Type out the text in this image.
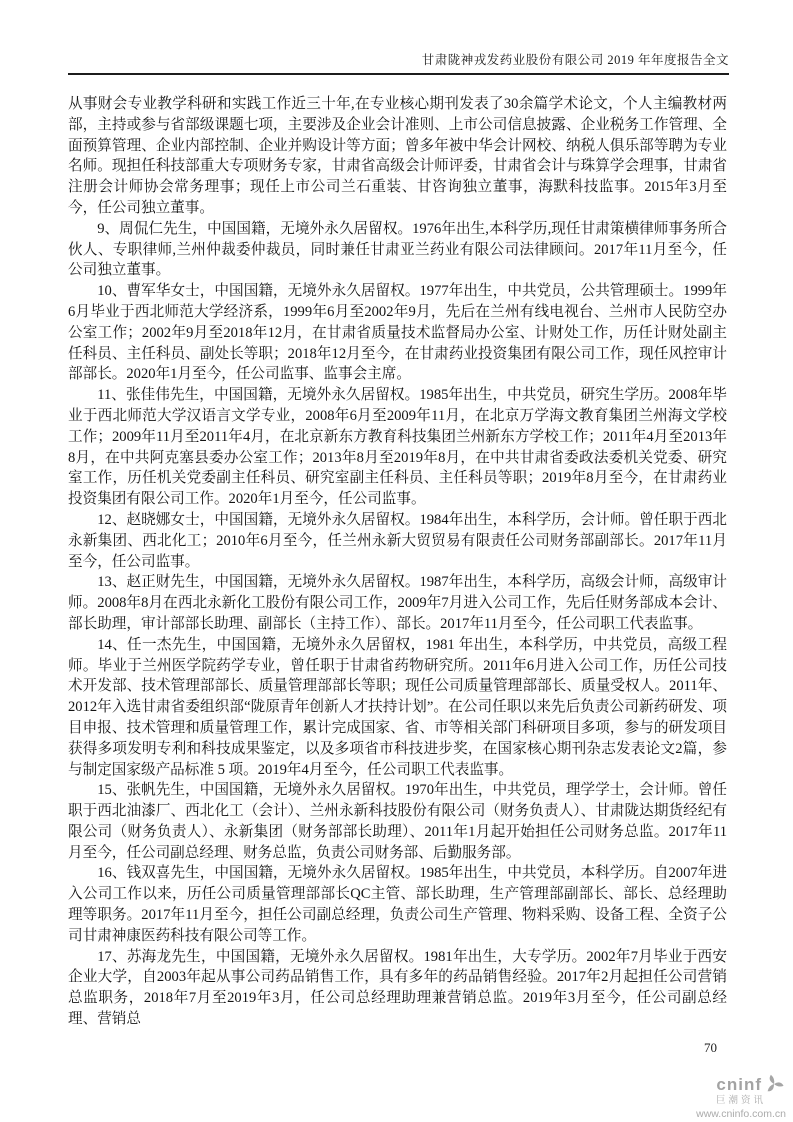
甘肃陇神戎发药业股份有限公司 2019 年年度报告全文

从事财会专业教学科研和实践工作近三十年,在专业核心期刊发表了30余篇学术论文，个人主编教材两部，主持或参与省部级课题七项，主要涉及企业会计准则、上市公司信息披露、企业税务工作管理、全面预算管理、企业内部控制、企业并购设计等方面；曾多年被中华会计网校、纳税人俱乐部等聘为专业名师。现担任科技部重大专项财务专家，甘肃省高级会计师评委，甘肃省会计与珠算学会理事，甘肃省注册会计师协会常务理事；现任上市公司兰石重装、甘咨询独立董事，海默科技监事。2015年3月至今，任公司独立董事。

9、周侃仁先生，中国国籍，无境外永久居留权。1976年出生,本科学历,现任甘肃策横律师事务所合伙人、专职律师,兰州仲裁委仲裁员，同时兼任甘肃亚兰药业有限公司法律顾问。2017年11月至今，任公司独立董事。

10、曹军华女士，中国国籍，无境外永久居留权。1977年出生，中共党员，公共管理硕士。1999年6月毕业于西北师范大学经济系，1999年6月至2002年9月，先后在兰州有线电视台、兰州市人民防空办公室工作；2002年9月至2018年12月，在甘肃省质量技术监督局办公室、计财处工作，历任计财处副主任科员、主任科员、副处长等职；2018年12月至今，在甘肃药业投资集团有限公司工作，现任风控审计部部长。2020年1月至今，任公司监事、监事会主席。

11、张佳伟先生，中国国籍，无境外永久居留权。1985年出生，中共党员，研究生学历。2008年毕业于西北师范大学汉语言文学专业，2008年6月至2009年11月，在北京万学海文教育集团兰州海文学校工作；2009年11月至2011年4月，在北京新东方教育科技集团兰州新东方学校工作；2011年4月至2013年8月，在中共阿克塞县委办公室工作；2013年8月至2019年8月，在中共甘肃省委政法委机关党委、研究室工作，历任机关党委副主任科员、研究室副主任科员、主任科员等职；2019年8月至今，在甘肃药业投资集团有限公司工作。2020年1月至今，任公司监事。

12、赵晓娜女士，中国国籍，无境外永久居留权。1984年出生，本科学历，会计师。曾任职于西北永新集团、西北化工；2010年6月至今，任兰州永新大贸贸易有限责任公司财务部副部长。2017年11月至今，任公司监事。

13、赵正财先生，中国国籍，无境外永久居留权。1987年出生，本科学历，高级会计师，高级审计师。2008年8月在西北永新化工股份有限公司工作，2009年7月进入公司工作，先后任财务部成本会计、部长助理，审计部部长助理、副部长（主持工作）、部长。2017年11月至今，任公司职工代表监事。

14、任一杰先生，中国国籍，无境外永久居留权，1981 年出生，本科学历，中共党员，高级工程师。毕业于兰州医学院药学专业，曾任职于甘肃省药物研究所。2011年6月进入公司工作，历任公司技术开发部、技术管理部部长、质量管理部部长等职；现任公司质量管理部部长、质量受权人。2011年、2012年入选甘肃省委组织部“陇原青年创新人才扶持计划”。在公司任职以来先后负责公司新药研发、项目申报、技术管理和质量管理工作，累计完成国家、省、市等相关部门科研项目多项，参与的研发项目获得多项发明专利和科技成果鉴定，以及多项省市科技进步奖，在国家核心期刊杂志发表论文2篇，参与制定国家级产品标准 5 项。2019年4月至今，任公司职工代表监事。

15、张帆先生，中国国籍，无境外永久居留权。1970年出生，中共党员，理学学士，会计师。曾任职于西北油漆厂、西北化工（会计）、兰州永新科技股份有限公司（财务负责人）、甘肃陇达期货经纪有限公司（财务负责人）、永新集团（财务部部长助理）、2011年1月起开始担任公司财务总监。2017年11月至今，任公司副总经理、财务总监，负责公司财务部、后勤服务部。

16、钱双喜先生，中国国籍，无境外永久居留权。1985年出生，中共党员，本科学历。自2007年进入公司工作以来，历任公司质量管理部部长QC主管、部长助理，生产管理部副部长、部长、总经理助理等职务。2017年11月至今，担任公司副总经理，负责公司生产管理、物料采购、设备工程、全资子公司甘肃神康医药科技有限公司等工作。

17、苏海龙先生，中国国籍，无境外永久居留权。1981年出生，大专学历。2002年7月毕业于西安企业大学，自2003年起从事公司药品销售工作，具有多年的药品销售经验。2017年2月起担任公司营销总监职务，2018年7月至2019年3月，任公司总经理助理兼营销总监。2019年3月至今，任公司副总经理、营销总

70
cninf
巨潮资讯
www.cninfo.com.cn
